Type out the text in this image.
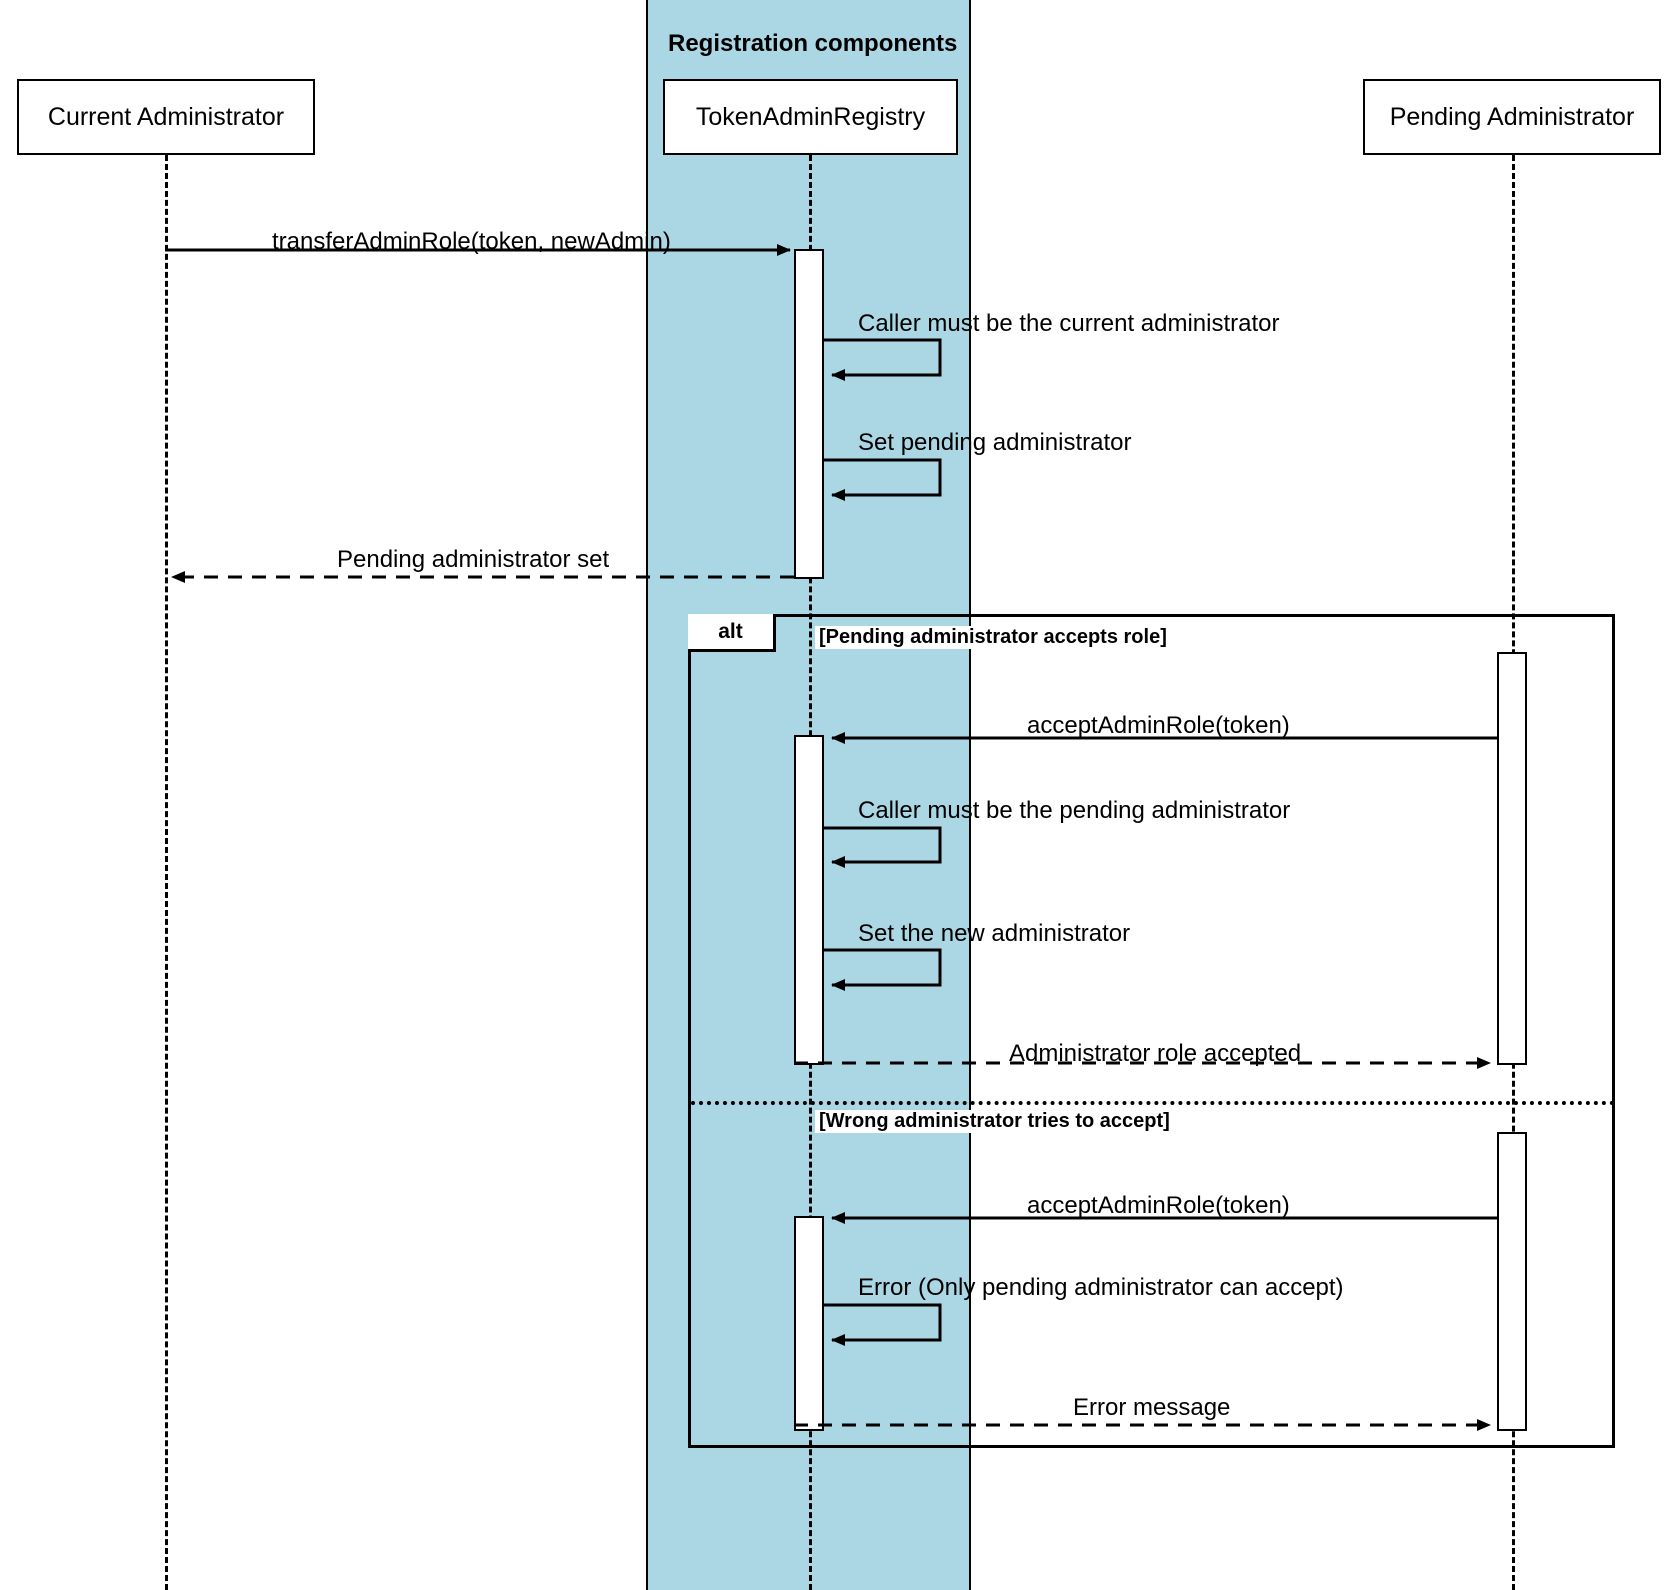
Registration components
Current Administrator	TokenAdminRegistry	Pending Administrator
alt	[Pending administrator accepts role]
[Wrong administrator tries to accept]
transferAdminRole(token, newAdmin)
Caller must be the current administrator
Set pending administrator
Pending administrator set
acceptAdminRole(token)
Caller must be the pending administrator
Set the new administrator
Administrator role accepted
acceptAdminRole(token)
Error (Only pending administrator can accept)
Error message
